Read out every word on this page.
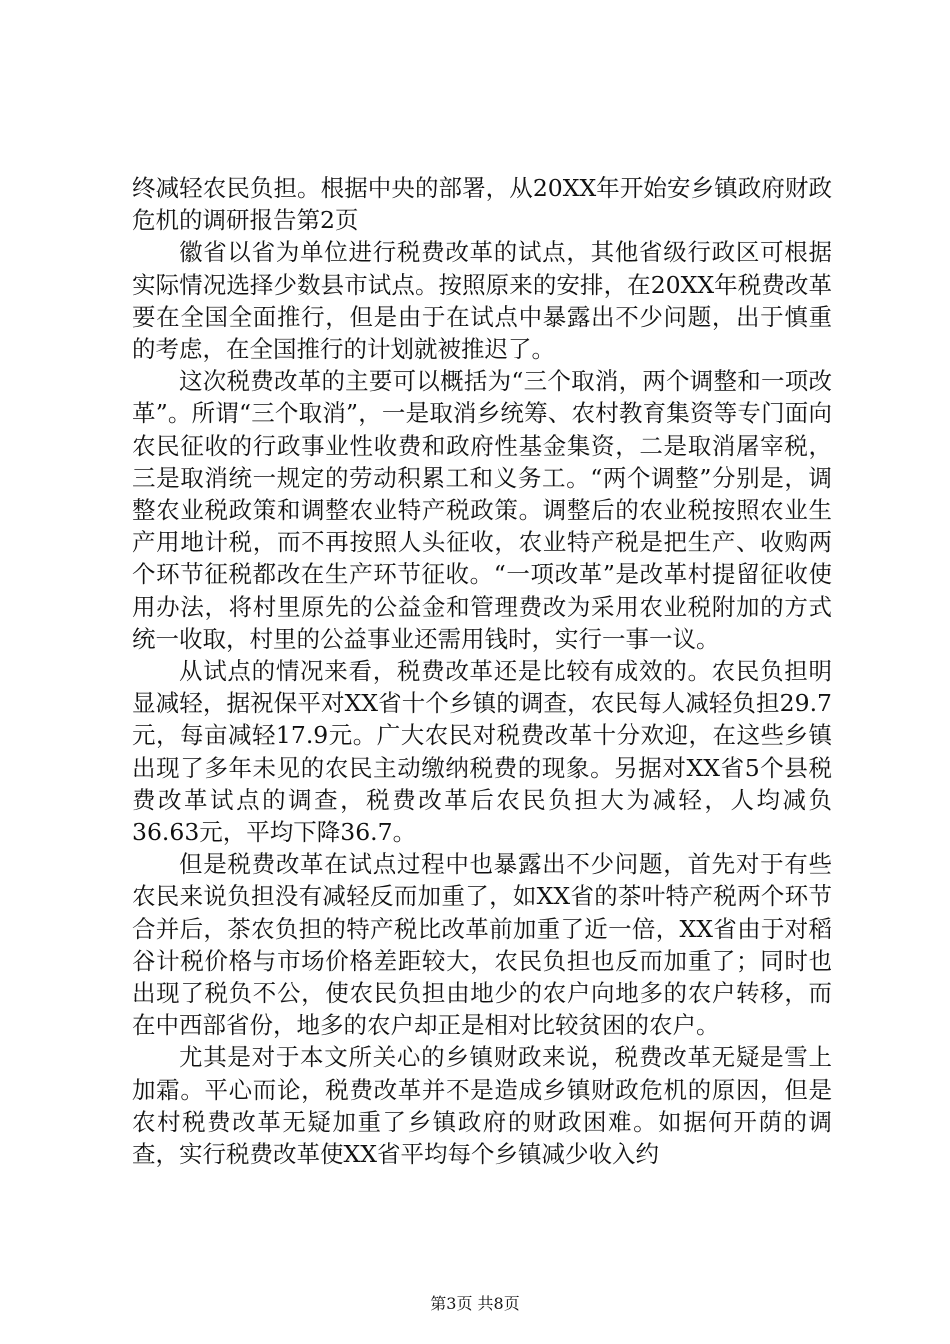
终减轻农民负担。根据中央的部署，从20XX年开始安乡镇政府财政危机的调研报告第2页

徽省以省为单位进行税费改革的试点，其他省级行政区可根据实际情况选择少数县市试点。按照原来的安排，在20XX年税费改革要在全国全面推行，但是由于在试点中暴露出不少问题，出于慎重的考虑，在全国推行的计划就被推迟了。

这次税费改革的主要可以概括为“三个取消，两个调整和一项改革”。所谓“三个取消”，一是取消乡统筹、农村教育集资等专门面向农民征收的行政事业性收费和政府性基金集资，二是取消屠宰税，三是取消统一规定的劳动积累工和义务工。“两个调整”分别是，调整农业税政策和调整农业特产税政策。调整后的农业税按照农业生产用地计税，而不再按照人头征收，农业特产税是把生产、收购两个环节征税都改在生产环节征收。“一项改革”是改革村提留征收使用办法，将村里原先的公益金和管理费改为采用农业税附加的方式统一收取，村里的公益事业还需用钱时，实行一事一议。

从试点的情况来看，税费改革还是比较有成效的。农民负担明显减轻，据祝保平对XX省十个乡镇的调查，农民每人减轻负担29.7元，每亩减轻17.9元。广大农民对税费改革十分欢迎，在这些乡镇出现了多年未见的农民主动缴纳税费的现象。另据对XX省5个县税费改革试点的调查，税费改革后农民负担大为减轻，人均减负36.63元，平均下降36.7。

但是税费改革在试点过程中也暴露出不少问题，首先对于有些农民来说负担没有减轻反而加重了，如XX省的茶叶特产税两个环节合并后，茶农负担的特产税比改革前加重了近一倍，XX省由于对稻谷计税价格与市场价格差距较大，农民负担也反而加重了；同时也出现了税负不公，使农民负担由地少的农户向地多的农户转移，而在中西部省份，地多的农户却正是相对比较贫困的农户。

尤其是对于本文所关心的乡镇财政来说，税费改革无疑是雪上加霜。平心而论，税费改革并不是造成乡镇财政危机的原因，但是农村税费改革无疑加重了乡镇政府的财政困难。如据何开荫的调查，实行税费改革使XX省平均每个乡镇减少收入约

第3页 共8页
